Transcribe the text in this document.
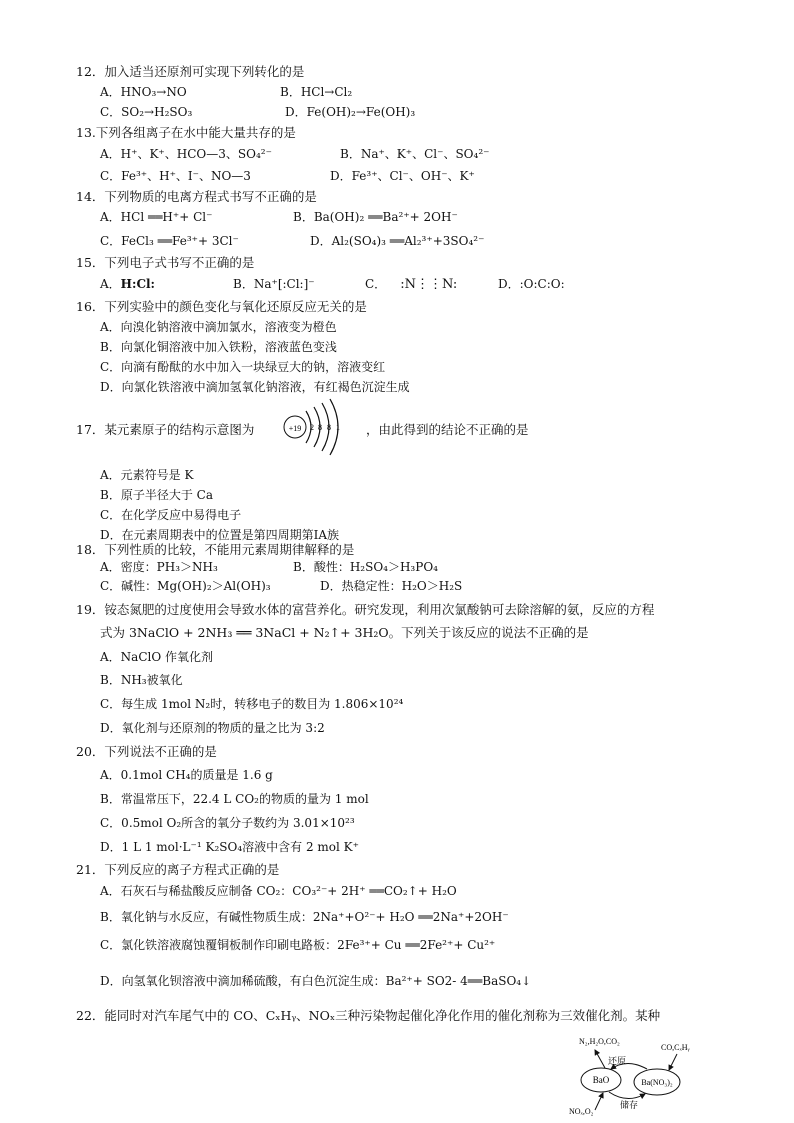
12．加入适当还原剂可实现下列转化的是
A．HNO₃→NO	B．HCl→Cl₂
C．SO₂→H₂SO₃	D．Fe(OH)₂→Fe(OH)₃
13.下列各组离子在水中能大量共存的是
A．H⁺、K⁺、HCO—3、SO₄²⁻	B．Na⁺、K⁺、Cl⁻、SO₄²⁻
C．Fe³⁺、H⁺、I⁻、NO—3	D．Fe³⁺、Cl⁻、OH⁻、K⁺
14．下列物质的电离方程式书写不正确的是
A．HCl ══H⁺+ Cl⁻	B．Ba(OH)₂ ══Ba²⁺+ 2OH⁻
C．FeCl₃ ══Fe³⁺+ 3Cl⁻	D．Al₂(SO₄)₃ ══Al₂³⁺+3SO₄²⁻
15．下列电子式书写不正确的是
A．H:Cl:	B．Na⁺[:Cl:]⁻	C． :N⋮⋮N:	D．:O:C:O:
16．下列实验中的颜色变化与氧化还原反应无关的是
A．向溴化钠溶液中滴加氯水，溶液变为橙色
B．向氯化铜溶液中加入铁粉，溶液蓝色变浅
C．向滴有酚酞的水中加入一块绿豆大的钠，溶液变红
D．向氯化铁溶液中滴加氢氧化钠溶液，有红褐色沉淀生成
17．某元素原子的结构示意图为	+19 2 8 8 1 ，由此得到的结论不正确的是
A．元素符号是 K
B．原子半径大于 Ca
C．在化学反应中易得电子
D．在元素周期表中的位置是第四周期第ⅠA族
18．下列性质的比较，不能用元素周期律解释的是
A．密度：PH₃＞NH₃	B．酸性：H₂SO₄＞H₃PO₄
C．碱性：Mg(OH)₂＞Al(OH)₃	D．热稳定性：H₂O＞H₂S
19．铵态氮肥的过度使用会导致水体的富营养化。研究发现，利用次氯酸钠可去除溶解的氨，反应的方程
式为 3NaClO + 2NH₃ ══ 3NaCl + N₂↑+ 3H₂O。下列关于该反应的说法不正确的是
A．NaClO 作氧化剂
B．NH₃被氧化
C．每生成 1mol N₂时，转移电子的数目为 1.806×10²⁴
D．氧化剂与还原剂的物质的量之比为 3:2
20．下列说法不正确的是
A．0.1mol CH₄的质量是 1.6 g
B．常温常压下，22.4 L CO₂的物质的量为 1 mol
C．0.5mol O₂所含的氧分子数约为 3.01×10²³
D．1 L 1 mol·L⁻¹ K₂SO₄溶液中含有 2 mol K⁺
21．下列反应的离子方程式正确的是
A．石灰石与稀盐酸反应制备 CO₂：CO₃²⁻+ 2H⁺ ══CO₂↑+ H₂O
B．氧化钠与水反应，有碱性物质生成：2Na⁺+O²⁻+ H₂O ══2Na⁺+2OH⁻
C．氯化铁溶液腐蚀覆铜板制作印刷电路板：2Fe³⁺+ Cu ══2Fe²⁺+ Cu²⁺
D．向氢氧化钡溶液中滴加稀硫酸，有白色沉淀生成：Ba²⁺+ SO2- 4══BaSO₄↓
22．能同时对汽车尾气中的 CO、CₓHᵧ、NOₓ三种污染物起催化净化作用的催化剂称为三效催化剂。某种
N₂,H₂O,CO₂
CO,CₓHᵧ
还原
BaO	Ba(NO₃)₂
储存
NOₓ,O₂
